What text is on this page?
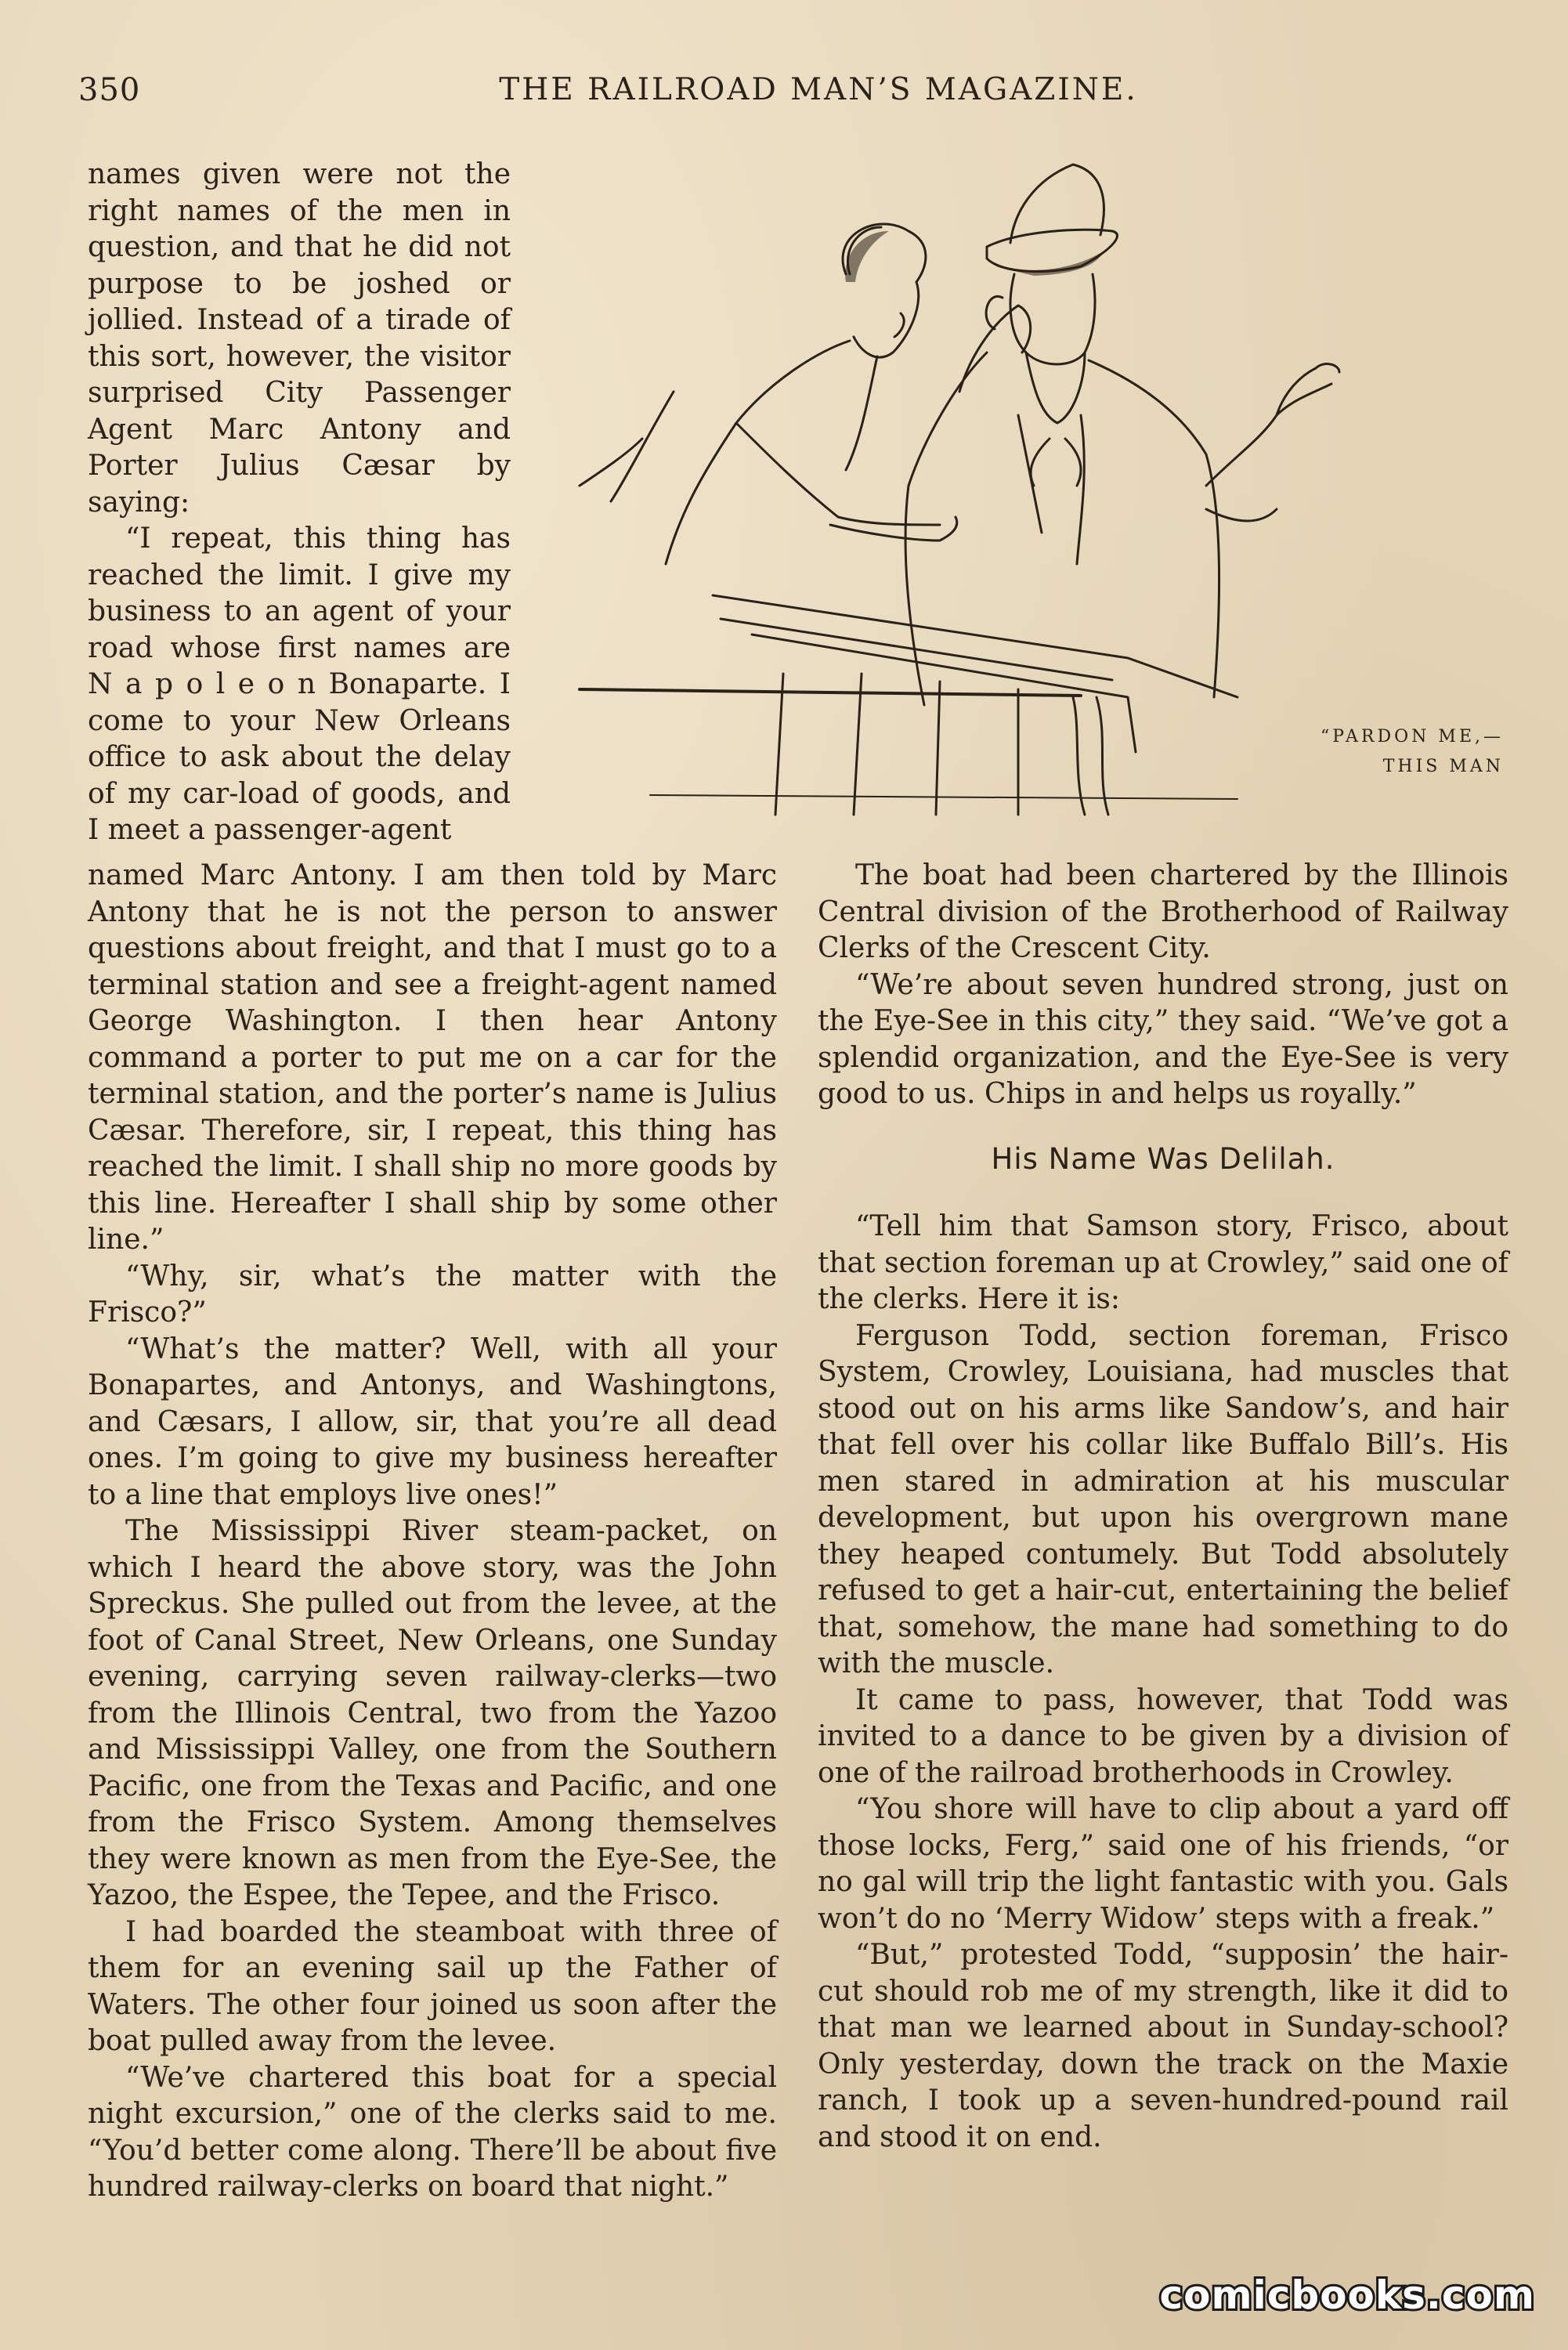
350	THE RAILROAD MAN’S MAGAZINE.

names given were not the right names of the men in question, and that he did not purpose to be joshed or jollied. Instead of a tirade of this sort, however, the visitor surprised City Passenger Agent Marc Antony and Porter Julius Cæsar by saying:

“I repeat, this thing has reached the limit. I give my business to an agent of your road whose first names are N a p o l e o n Bonaparte. I come to your New Orleans office to ask about the delay of my car-load of goods, and I meet a passenger-agent

“PARDON ME,—
THIS MAN

named Marc Antony. I am then told by Marc Antony that he is not the person to answer questions about freight, and that I must go to a terminal station and see a freight-agent named George Washington. I then hear Antony command a porter to put me on a car for the terminal station, and the porter’s name is Julius Cæsar. Therefore, sir, I repeat, this thing has reached the limit. I shall ship no more goods by this line. Hereafter I shall ship by some other line.”

“Why, sir, what’s the matter with the Frisco?”

“What’s the matter? Well, with all your Bonapartes, and Antonys, and Washingtons, and Cæsars, I allow, sir, that you’re all dead ones. I’m going to give my business hereafter to a line that employs live ones!”

The Mississippi River steam-packet, on which I heard the above story, was the John Spreckus. She pulled out from the levee, at the foot of Canal Street, New Orleans, one Sunday evening, carrying seven railway-clerks—two from the Illinois Central, two from the Yazoo and Mississippi Valley, one from the Southern Pacific, one from the Texas and Pacific, and one from the Frisco System. Among themselves they were known as men from the Eye-See, the Yazoo, the Espee, the Tepee, and the Frisco.

I had boarded the steamboat with three of them for an evening sail up the Father of Waters. The other four joined us soon after the boat pulled away from the levee.

“We’ve chartered this boat for a special night excursion,” one of the clerks said to me. “You’d better come along. There’ll be about five hundred railway-clerks on board that night.”

The boat had been chartered by the Illinois Central division of the Brotherhood of Railway Clerks of the Crescent City.

“We’re about seven hundred strong, just on the Eye-See in this city,” they said. “We’ve got a splendid organization, and the Eye-See is very good to us. Chips in and helps us royally.”

His Name Was Delilah.

“Tell him that Samson story, Frisco, about that section foreman up at Crowley,” said one of the clerks. Here it is:

Ferguson Todd, section foreman, Frisco System, Crowley, Louisiana, had muscles that stood out on his arms like Sandow’s, and hair that fell over his collar like Buffalo Bill’s. His men stared in admiration at his muscular development, but upon his overgrown mane they heaped contumely. But Todd absolutely refused to get a hair-cut, entertaining the belief that, somehow, the mane had something to do with the muscle.

It came to pass, however, that Todd was invited to a dance to be given by a division of one of the railroad brotherhoods in Crowley.

“You shore will have to clip about a yard off those locks, Ferg,” said one of his friends, “or no gal will trip the light fantastic with you. Gals won’t do no ‘Merry Widow’ steps with a freak.”

“But,” protested Todd, “supposin’ the hair-cut should rob me of my strength, like it did to that man we learned about in Sunday-school? Only yesterday, down the track on the Maxie ranch, I took up a seven-hundred-pound rail and stood it on end.

comicbooks.com
